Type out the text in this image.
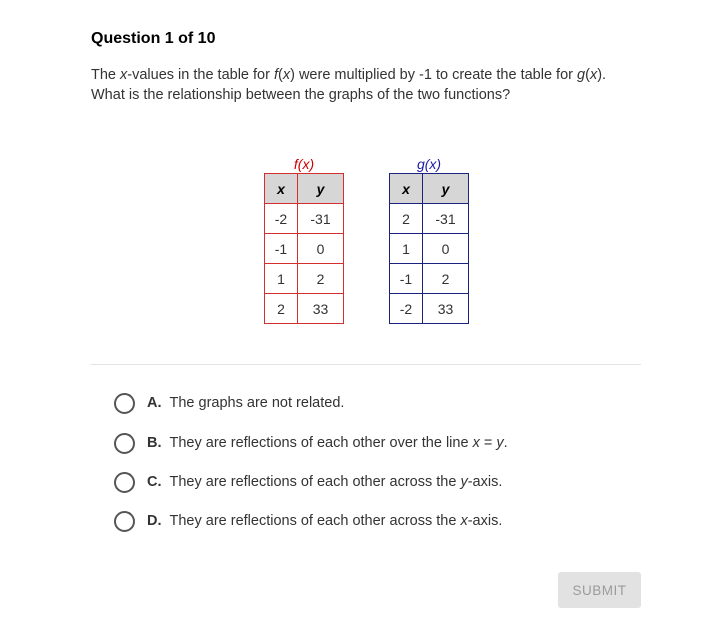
Question 1 of 10

The x-values in the table for f(x) were multiplied by -1 to create the table for g(x). What is the relationship between the graphs of the two functions?

f(x)
x	y
-2	-31
-1	0
1	2
2	33
g(x)
x	y
2	-31
1	0
-1	2
-2	33
A. The graphs are not related.
B. They are reflections of each other over the line x = y.
C. They are reflections of each other across the y-axis.
D. They are reflections of each other across the x-axis.
SUBMIT
